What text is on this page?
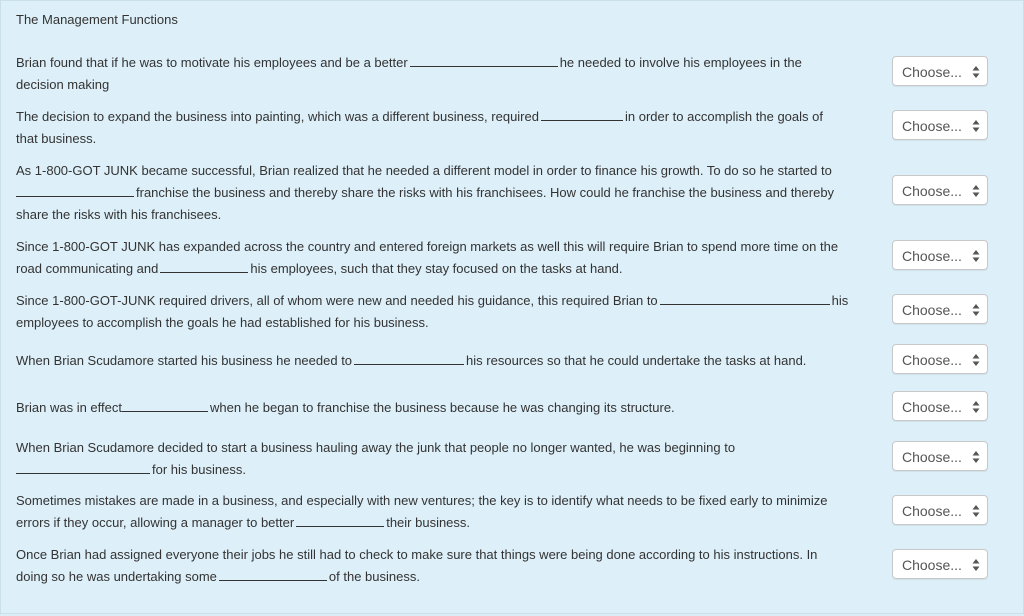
The Management Functions
Brian found that if he was to motivate his employees and be a better	he needed to involve his employees in the
decision making
Choose...
The decision to expand the business into painting, which was a different business, required	in order to accomplish the goals of
that business.
Choose...
As 1-800-GOT JUNK became successful, Brian realized that he needed a different model in order to finance his growth. To do so he started to
franchise the business and thereby share the risks with his franchisees. How could he franchise the business and thereby
share the risks with his franchisees.
Choose...
Since 1-800-GOT JUNK has expanded across the country and entered foreign markets as well this will require Brian to spend more time on the
road communicating and	his employees, such that they stay focused on the tasks at hand.
Choose...
Since 1-800-GOT-JUNK required drivers, all of whom were new and needed his guidance, this required Brian to	his
employees to accomplish the goals he had established for his business.
Choose...
When Brian Scudamore started his business he needed to	his resources so that he could undertake the tasks at hand.	Choose...
Brian was in effect	when he began to franchise the business because he was changing its structure.	Choose...
When Brian Scudamore decided to start a business hauling away the junk that people no longer wanted, he was beginning to
for his business.
Choose...
Sometimes mistakes are made in a business, and especially with new ventures; the key is to identify what needs to be fixed early to minimize
errors if they occur, allowing a manager to better	their business.
Choose...
Once Brian had assigned everyone their jobs he still had to check to make sure that things were being done according to his instructions. In
doing so he was undertaking some	of the business.
Choose...
